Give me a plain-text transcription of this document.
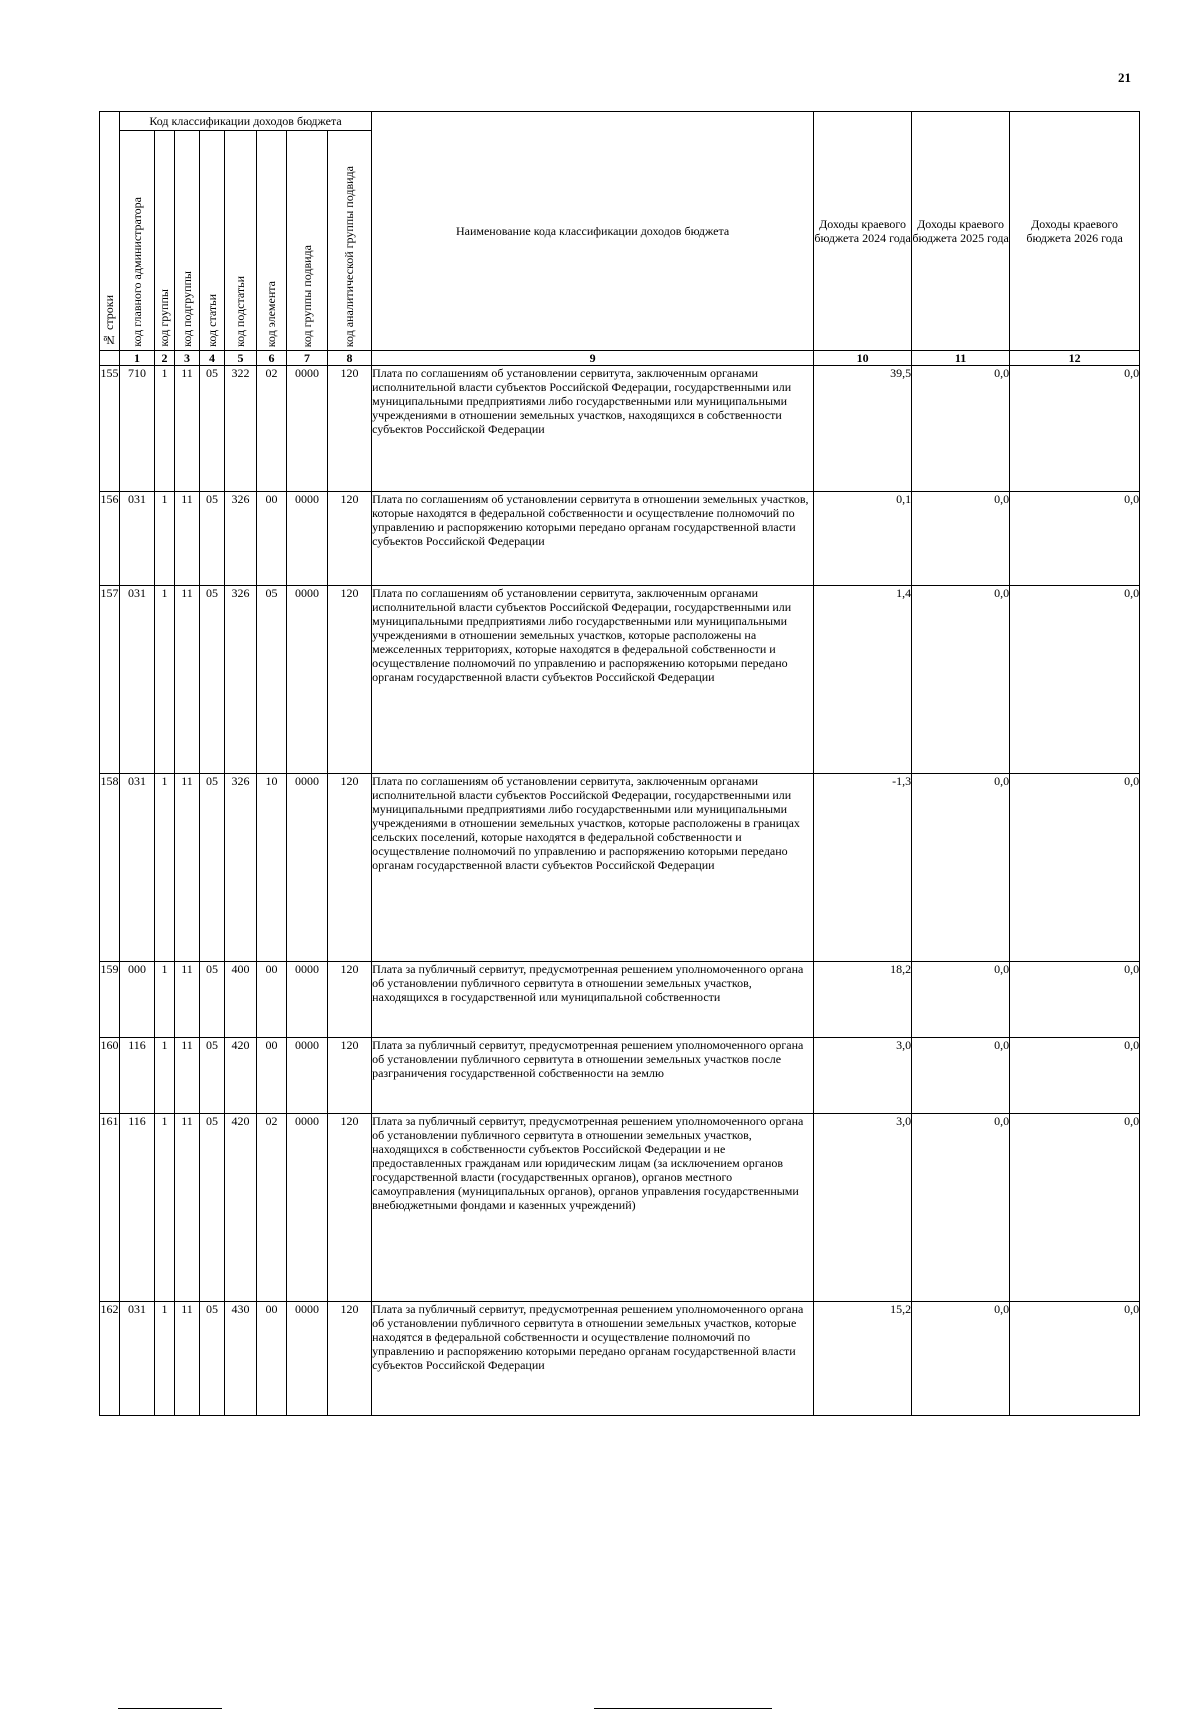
21
№ строки	Код классификации доходов бюджета								Наименование кода классификации доходов бюджета	Доходы краевого бюджета 2024 года	Доходы краевого бюджета 2025 года	Доходы краевого бюджета 2026 года
	код главного администратора	код группы	код подгруппы	код статьи	код подстатьи	код элемента	код группы подвида	код аналитической группы подвида				
	1	2	3	4	5	6	7	8	9	10	11	12
155	710	1	11	05	322	02	0000	120	Плата по соглашениям об установлении сервитута, заключенным органами исполнительной власти субъектов Российской Федерации, государственными или муниципальными предприятиями либо государственными или муниципальными учреждениями в отношении земельных участков, находящихся в собственности субъектов Российской Федерации	39,5	0,0	0,0
156	031	1	11	05	326	00	0000	120	Плата по соглашениям об установлении сервитута в отношении земельных участков, которые находятся в федеральной собственности и осуществление полномочий по управлению и распоряжению которыми передано органам государственной власти субъектов Российской Федерации	0,1	0,0	0,0
157	031	1	11	05	326	05	0000	120	Плата по соглашениям об установлении сервитута, заключенным органами исполнительной власти субъектов Российской Федерации, государственными или муниципальными предприятиями либо государственными или муниципальными учреждениями в отношении земельных участков, которые расположены на межселенных территориях, которые находятся в федеральной собственности и осуществление полномочий по управлению и распоряжению которыми передано органам государственной власти субъектов Российской Федерации	1,4	0,0	0,0
158	031	1	11	05	326	10	0000	120	Плата по соглашениям об установлении сервитута, заключенным органами исполнительной власти субъектов Российской Федерации, государственными или муниципальными предприятиями либо государственными или муниципальными учреждениями в отношении земельных участков, которые расположены в границах сельских поселений, которые находятся в федеральной собственности и осуществление полномочий по управлению и распоряжению которыми передано органам государственной власти субъектов Российской Федерации	-1,3	0,0	0,0
159	000	1	11	05	400	00	0000	120	Плата за публичный сервитут, предусмотренная решением уполномоченного органа об установлении публичного сервитута в отношении земельных участков, находящихся в государственной или муниципальной собственности	18,2	0,0	0,0
160	116	1	11	05	420	00	0000	120	Плата за публичный сервитут, предусмотренная решением уполномоченного органа об установлении публичного сервитута в отношении земельных участков после разграничения государственной собственности на землю	3,0	0,0	0,0
161	116	1	11	05	420	02	0000	120	Плата за публичный сервитут, предусмотренная решением уполномоченного органа об установлении публичного сервитута в отношении земельных участков, находящихся в собственности субъектов Российской Федерации и не предоставленных гражданам или юридическим лицам (за исключением органов государственной власти (государственных органов), органов местного самоуправления (муниципальных органов), органов управления государственными внебюджетными фондами и казенных учреждений)	3,0	0,0	0,0
162	031	1	11	05	430	00	0000	120	Плата за публичный сервитут, предусмотренная решением уполномоченного органа об установлении публичного сервитута в отношении земельных участков, которые находятся в федеральной собственности и осуществление полномочий по управлению и распоряжению которыми передано органам государственной власти субъектов Российской Федерации	15,2	0,0	0,0
